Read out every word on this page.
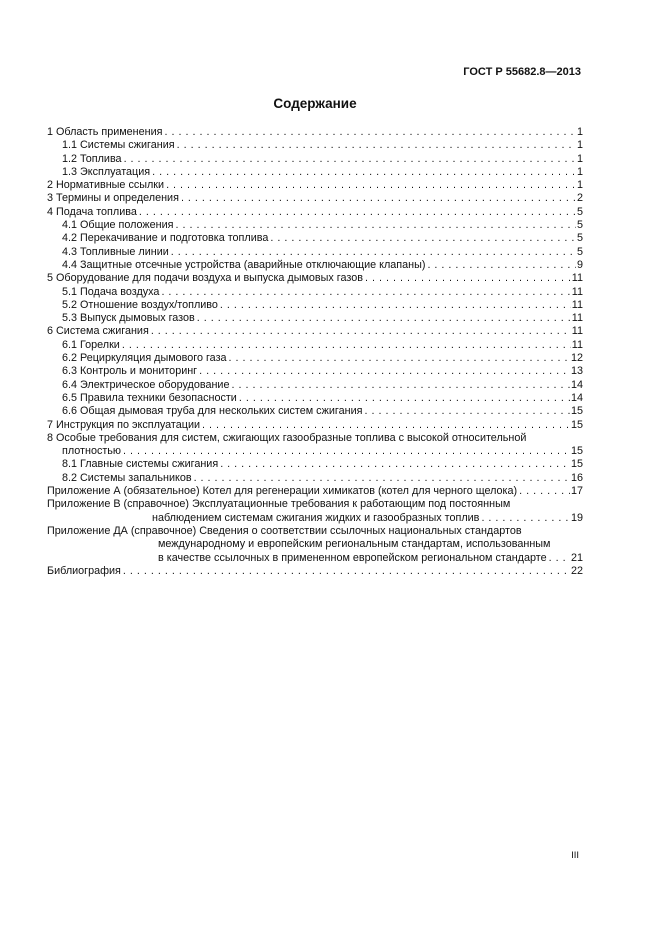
ГОСТ Р 55682.8—2013
Содержание
1 Область применения . . .	1
1.1 Системы сжигания . . .	1
1.2 Топлива . . .	1
1.3 Эксплуатация . . .	1
2 Нормативные ссылки . . .	1
3 Термины и определения . . .	2
4 Подача топлива . . .	5
4.1 Общие положения . . .	5
4.2 Перекачивание и подготовка топлива . . .	5
4.3 Топливные линии . . .	5
4.4 Защитные отсечные устройства (аварийные отключающие клапаны) . . .	9
5 Оборудование для подачи воздуха и выпуска дымовых газов . . .	11
5.1 Подача воздуха . . .	11
5.2 Отношение воздух/топливо . . .	11
5.3 Выпуск дымовых газов . . .	11
6 Система сжигания . . .	11
6.1 Горелки . . .	11
6.2 Рециркуляция дымового газа . . .	12
6.3 Контроль и мониторинг . . .	13
6.4 Электрическое оборудование . . .	14
6.5 Правила техники безопасности . . .	14
6.6 Общая дымовая труба для нескольких систем сжигания . . .	15
7 Инструкция по эксплуатации . . .	15
8 Особые требования для систем, сжигающих газообразные топлива с высокой относительной
плотностью . . .	15
8.1 Главные системы сжигания . . .	15
8.2 Системы запальников . . .	16
Приложение А (обязательное) Котел для регенерации химикатов (котел для черного щелока) . . .	17
Приложение В (справочное) Эксплуатационные требования к работающим под постоянным
наблюдением системам сжигания жидких и газообразных топлив . . .	19
Приложение ДА (справочное) Сведения о соответствии ссылочных национальных стандартов
международному и европейским региональным стандартам, использованным
в качестве ссылочных в примененном европейском региональном стандарте . . . 21
Библиография . . .	22
III
